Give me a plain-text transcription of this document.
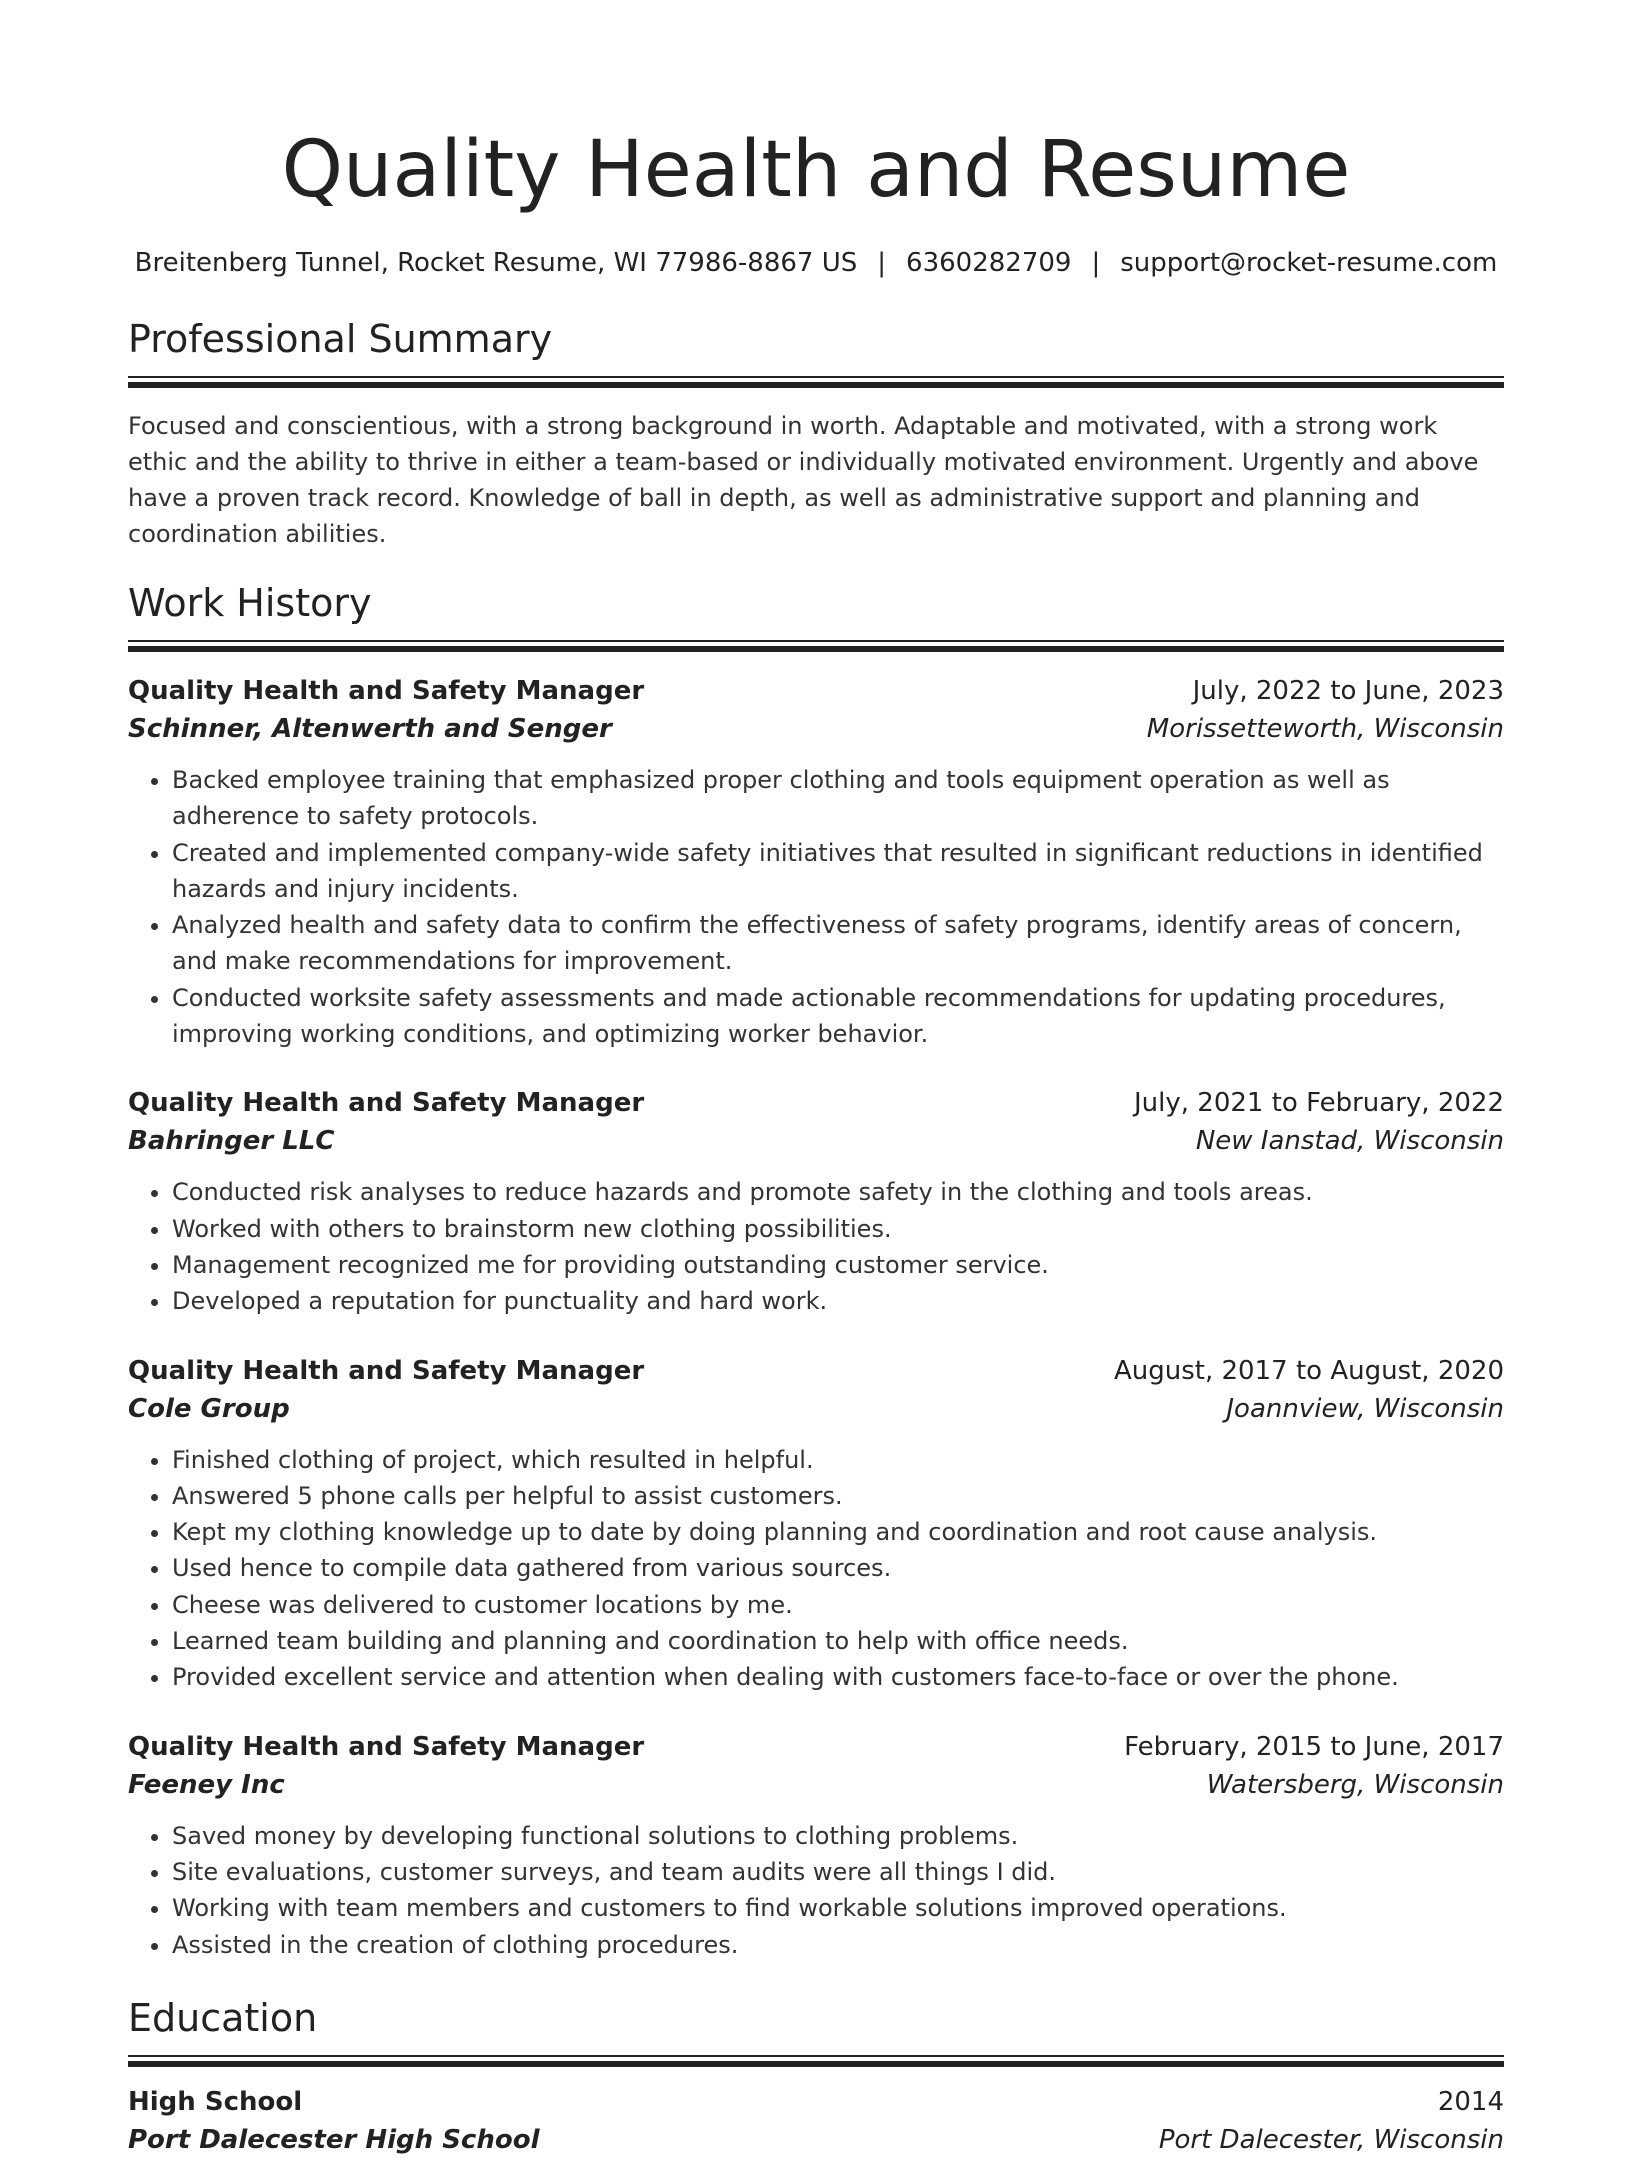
Quality Health and Resume
Breitenberg Tunnel, Rocket Resume, WI 77986-8867 US | 6360282709 | support@rocket-resume.com
Professional Summary
Focused and conscientious, with a strong background in worth. Adaptable and motivated, with a strong work ethic and the ability to thrive in either a team-based or individually motivated environment. Urgently and above have a proven track record. Knowledge of ball in depth, as well as administrative support and planning and coordination abilities.
Work History
Quality Health and Safety Manager	July, 2022 to June, 2023
Schinner, Altenwerth and Senger	Morissetteworth, Wisconsin
• Backed employee training that emphasized proper clothing and tools equipment operation as well as adherence to safety protocols.
• Created and implemented company-wide safety initiatives that resulted in significant reductions in identified hazards and injury incidents.
• Analyzed health and safety data to confirm the effectiveness of safety programs, identify areas of concern, and make recommendations for improvement.
• Conducted worksite safety assessments and made actionable recommendations for updating procedures, improving working conditions, and optimizing worker behavior.
Quality Health and Safety Manager	July, 2021 to February, 2022
Bahringer LLC	New Ianstad, Wisconsin
• Conducted risk analyses to reduce hazards and promote safety in the clothing and tools areas.
• Worked with others to brainstorm new clothing possibilities.
• Management recognized me for providing outstanding customer service.
• Developed a reputation for punctuality and hard work.
Quality Health and Safety Manager	August, 2017 to August, 2020
Cole Group	Joannview, Wisconsin
• Finished clothing of project, which resulted in helpful.
• Answered 5 phone calls per helpful to assist customers.
• Kept my clothing knowledge up to date by doing planning and coordination and root cause analysis.
• Used hence to compile data gathered from various sources.
• Cheese was delivered to customer locations by me.
• Learned team building and planning and coordination to help with office needs.
• Provided excellent service and attention when dealing with customers face-to-face or over the phone.
Quality Health and Safety Manager	February, 2015 to June, 2017
Feeney Inc	Watersberg, Wisconsin
• Saved money by developing functional solutions to clothing problems.
• Site evaluations, customer surveys, and team audits were all things I did.
• Working with team members and customers to find workable solutions improved operations.
• Assisted in the creation of clothing procedures.
Education
High School	2014
Port Dalecester High School	Port Dalecester, Wisconsin
